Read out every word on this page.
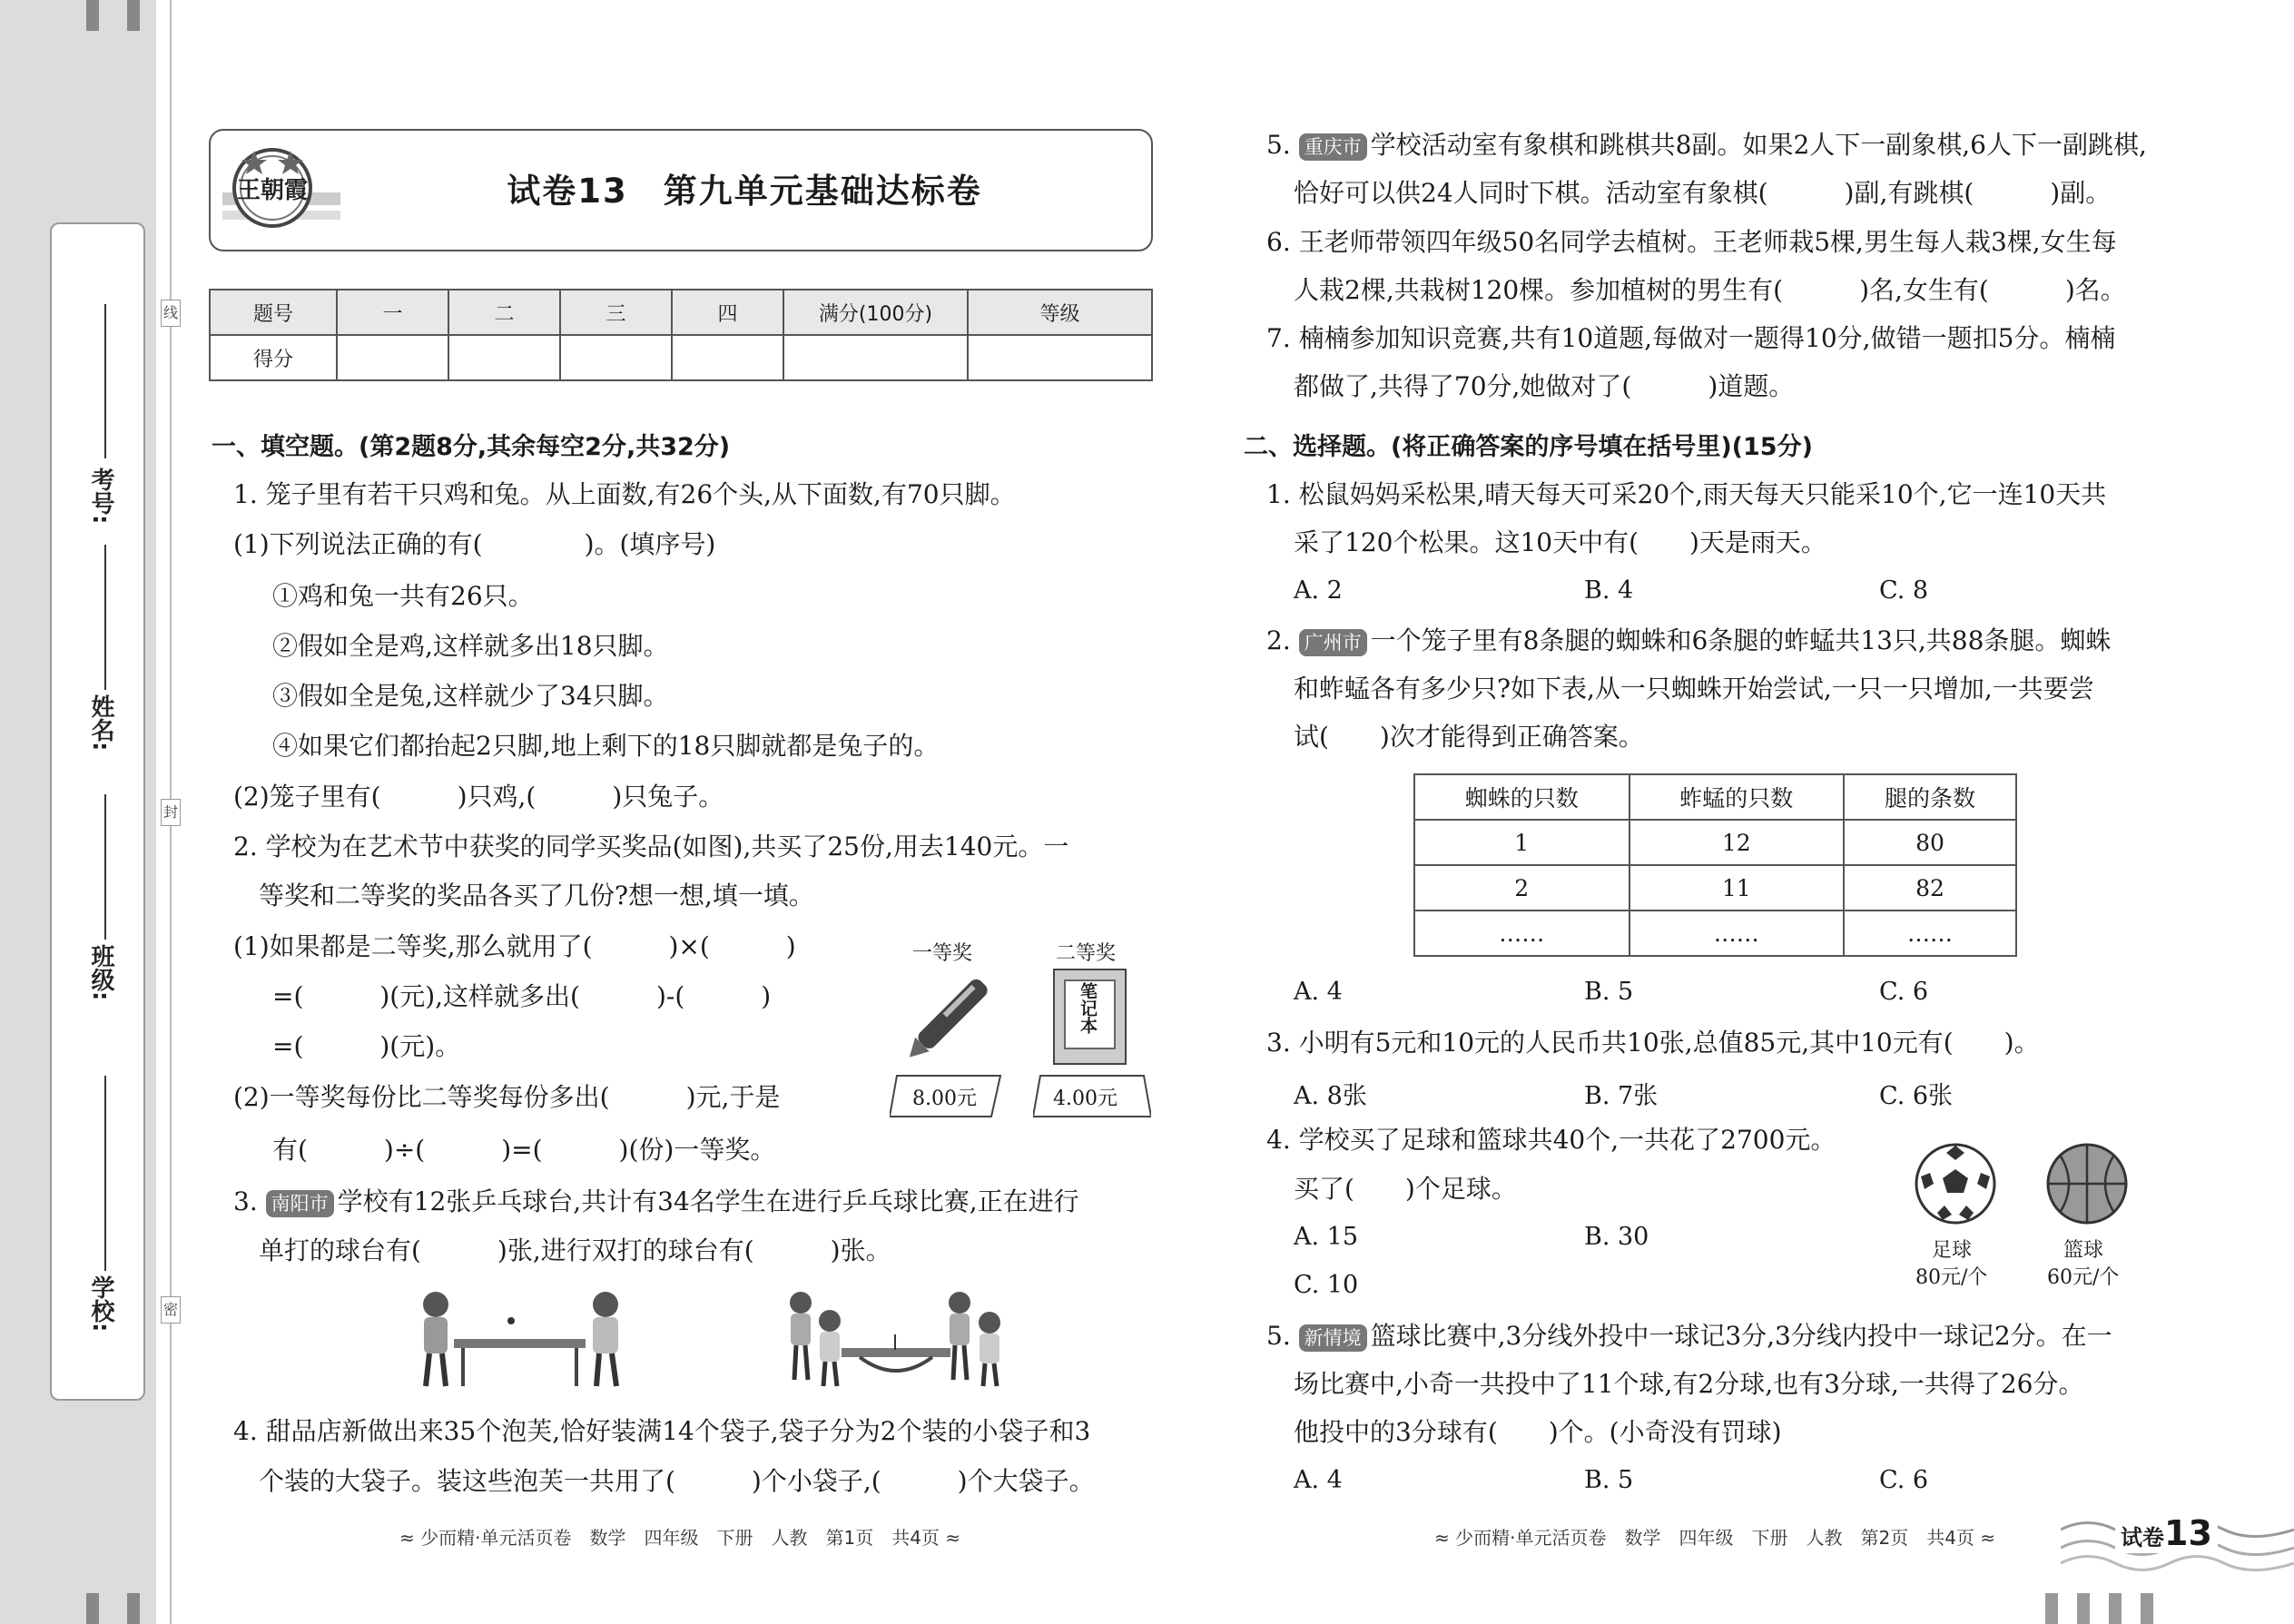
考号:
姓名:
班级:
学校:
线
封
密
王朝霞	试卷13　第九单元基础达标卷
题号	一	二	三	四	满分(100分)	等级
得分						
一、填空题。(第2题8分,其余每空2分,共32分)
1. 笼子里有若干只鸡和兔。从上面数,有26个头,从下面数,有70只脚。
(1)下列说法正确的有(　　　　)。(填序号)
①鸡和兔一共有26只。
②假如全是鸡,这样就多出18只脚。
③假如全是兔,这样就少了34只脚。
④如果它们都抬起2只脚,地上剩下的18只脚就都是兔子的。
(2)笼子里有(　　　)只鸡,(　　　)只兔子。
2. 学校为在艺术节中获奖的同学买奖品(如图),共买了25份,用去140元。一
等奖和二等奖的奖品各买了几份?想一想,填一填。
(1)如果都是二等奖,那么就用了(　　　)×(　　　)
=(　　　)(元),这样就多出(　　　)-(　　　)
=(　　　)(元)。
(2)一等奖每份比二等奖每份多出(　　　)元,于是
有(　　　)÷(　　　)=(　　　)(份)一等奖。
一等奖
8.00元
二等奖
笔记本
4.00元
3. 南阳市 学校有12张乒乓球台,共计有34名学生在进行乒乓球比赛,正在进行
单打的球台有(　　　)张,进行双打的球台有(　　　)张。
4. 甜品店新做出来35个泡芙,恰好装满14个袋子,袋子分为2个装的小袋子和3
个装的大袋子。装这些泡芙一共用了(　　　)个小袋子,(　　　)个大袋子。
≈ 少而精·单元活页卷　数学　四年级　下册　人教　第1页　共4页 ≈
5. 重庆市 学校活动室有象棋和跳棋共8副。如果2人下一副象棋,6人下一副跳棋,
恰好可以供24人同时下棋。活动室有象棋(　　　)副,有跳棋(　　　)副。
6. 王老师带领四年级50名同学去植树。王老师栽5棵,男生每人栽3棵,女生每
人栽2棵,共栽树120棵。参加植树的男生有(　　　)名,女生有(　　　)名。
7. 楠楠参加知识竞赛,共有10道题,每做对一题得10分,做错一题扣5分。楠楠
都做了,共得了70分,她做对了(　　　)道题。
二、选择题。(将正确答案的序号填在括号里)(15分)
1. 松鼠妈妈采松果,晴天每天可采20个,雨天每天只能采10个,它一连10天共
采了120个松果。这10天中有(　　)天是雨天。
A. 2	B. 4	C. 8
2. 广州市 一个笼子里有8条腿的蜘蛛和6条腿的蚱蜢共13只,共88条腿。蜘蛛
和蚱蜢各有多少只?如下表,从一只蜘蛛开始尝试,一只一只增加,一共要尝
试(　　)次才能得到正确答案。
蜘蛛的只数	蚱蜢的只数	腿的条数
1	12	80
2	11	82
……	……	……
A. 4	B. 5	C. 6
3. 小明有5元和10元的人民币共10张,总值85元,其中10元有(　　)。
A. 8张	B. 7张	C. 6张
4. 学校买了足球和篮球共40个,一共花了2700元。
买了(　　)个足球。
A. 15	B. 30
C. 10
足球
80元/个
篮球
60元/个
5. 新情境 篮球比赛中,3分线外投中一球记3分,3分线内投中一球记2分。在一
场比赛中,小奇一共投中了11个球,有2分球,也有3分球,一共得了26分。
他投中的3分球有(　　)个。(小奇没有罚球)
A. 4	B. 5	C. 6
≈ 少而精·单元活页卷　数学　四年级　下册　人教　第2页　共4页 ≈	试卷13
